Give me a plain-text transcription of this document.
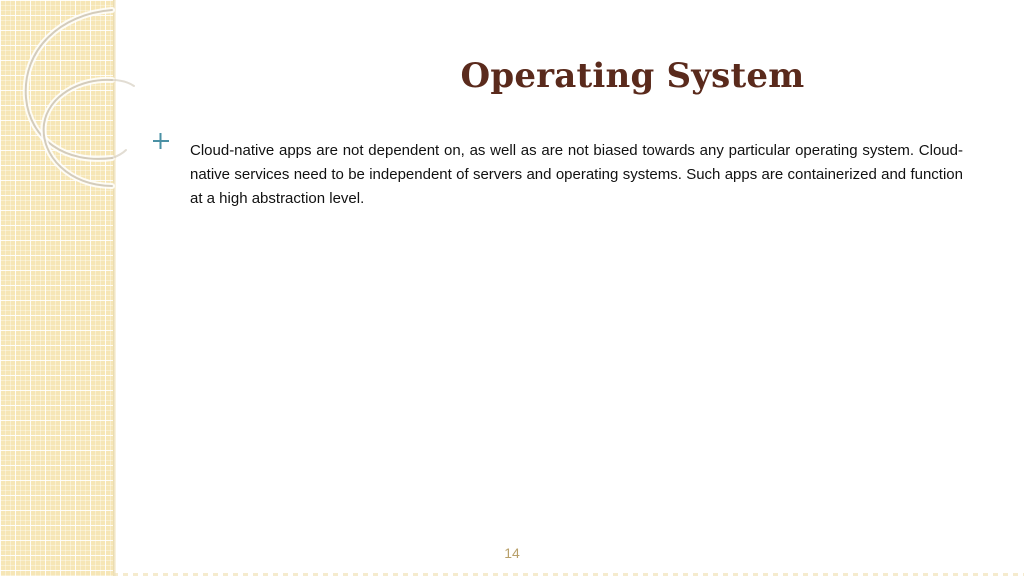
Operating System
Cloud-native apps are not dependent on, as well as are not biased towards any particular operating system. Cloud-native services need to be independent of servers and operating systems. Such apps are containerized and function at a high abstraction level.
14
